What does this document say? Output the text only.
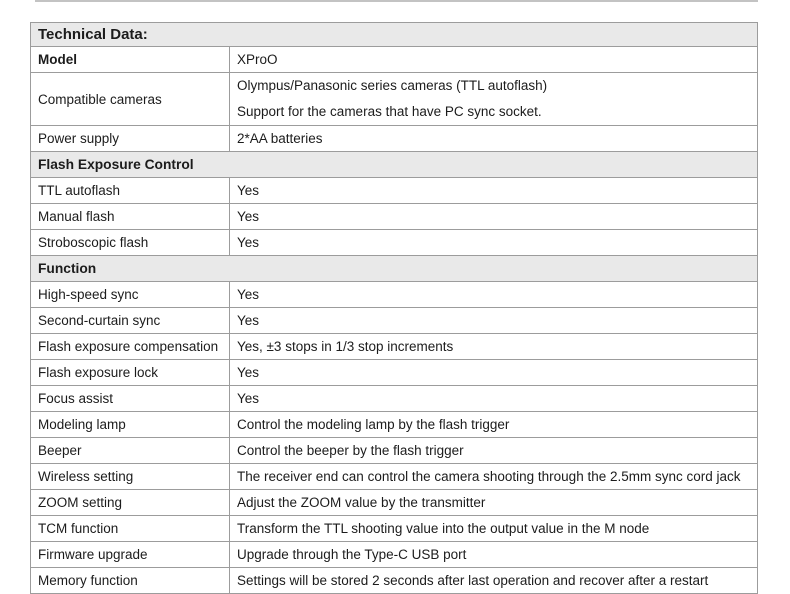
Technical Data:	
Model	XProO
Compatible cameras	Olympus/Panasonic series cameras (TTL autoflash)
Support for the cameras that have PC sync socket.

Power supply	2*AA batteries
Flash Exposure Control	
TTL autoflash	Yes
Manual flash	Yes
Stroboscopic flash	Yes
Function	
High-speed sync	Yes
Second-curtain sync	Yes
Flash exposure compensation	Yes, ±3 stops in 1/3 stop increments
Flash exposure lock	Yes
Focus assist	Yes
Modeling lamp	Control the modeling lamp by the flash trigger
Beeper	Control the beeper by the flash trigger
Wireless setting	The receiver end can control the camera shooting through the 2.5mm sync cord jack
ZOOM setting	Adjust the ZOOM value by the transmitter
TCM function	Transform the TTL shooting value into the output value in the M node
Firmware upgrade	Upgrade through the Type-C USB port
Memory function	Settings will be stored 2 seconds after last operation and recover after a restart
